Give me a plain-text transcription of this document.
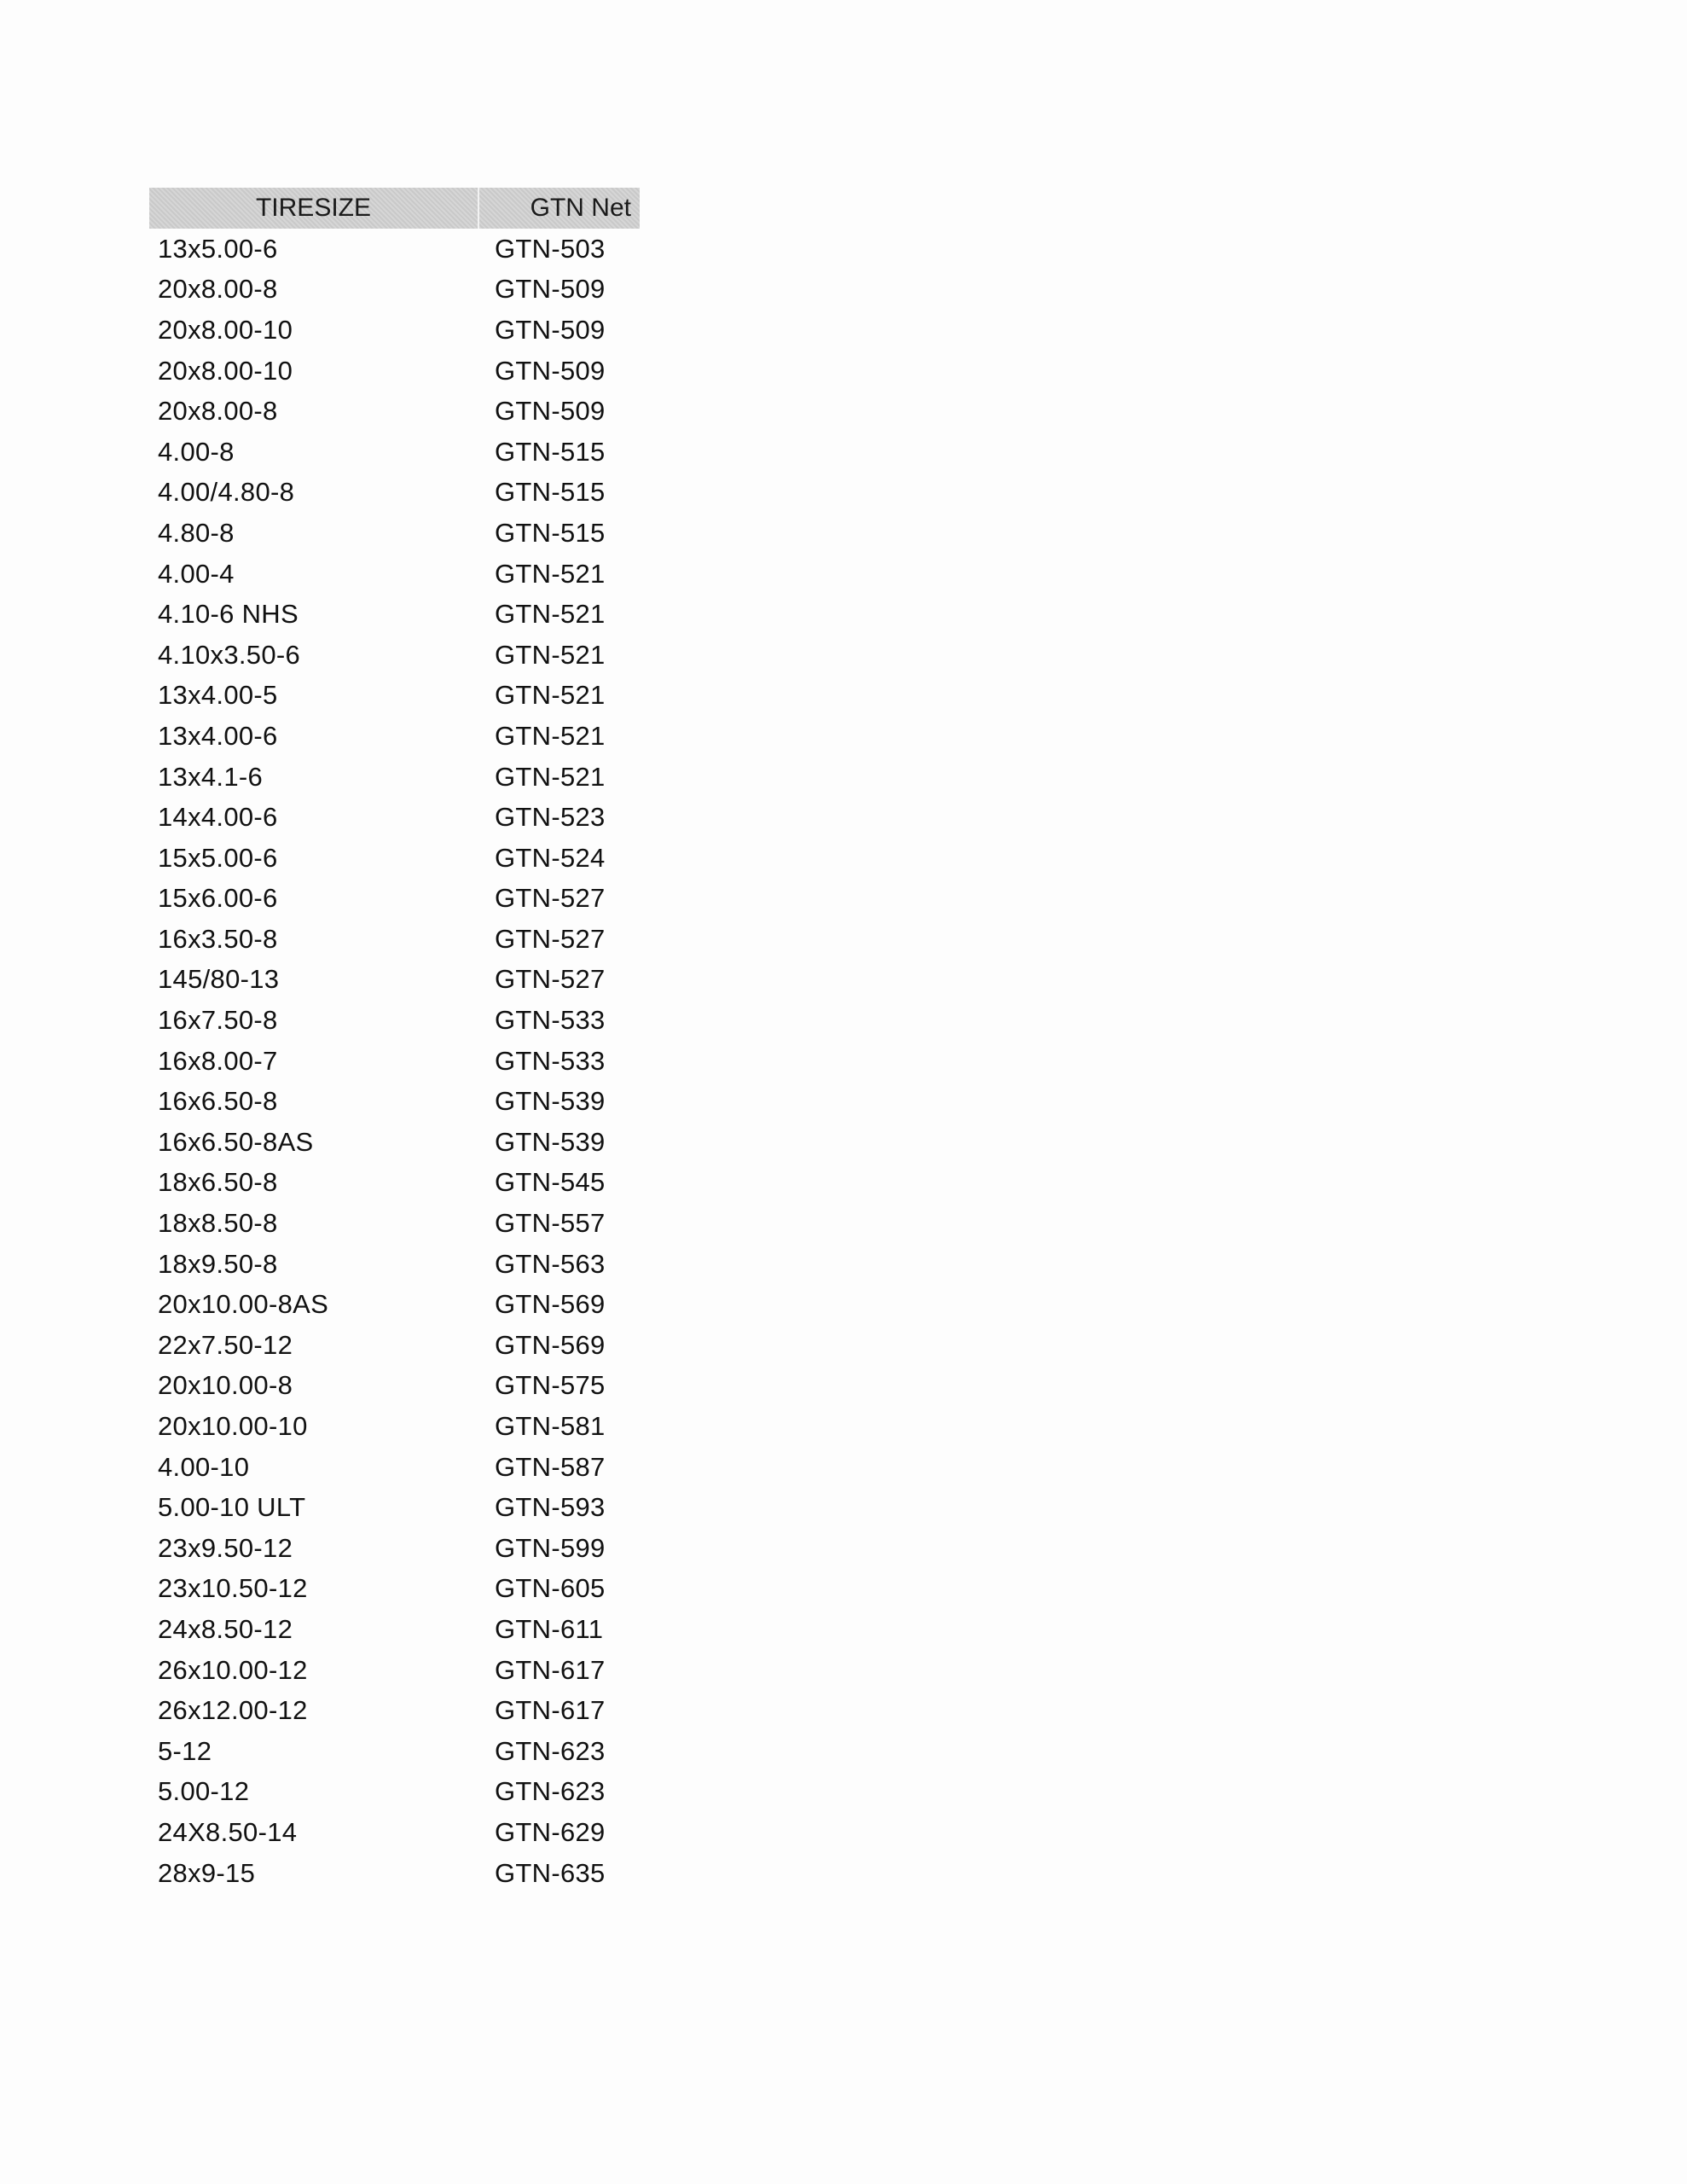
TIRESIZE	GTN Net
13x5.00-6	GTN-503
20x8.00-8	GTN-509
20x8.00-10	GTN-509
20x8.00-10	GTN-509
20x8.00-8	GTN-509
4.00-8	GTN-515
4.00/4.80-8	GTN-515
4.80-8	GTN-515
4.00-4	GTN-521
4.10-6 NHS	GTN-521
4.10x3.50-6	GTN-521
13x4.00-5	GTN-521
13x4.00-6	GTN-521
13x4.1-6	GTN-521
14x4.00-6	GTN-523
15x5.00-6	GTN-524
15x6.00-6	GTN-527
16x3.50-8	GTN-527
145/80-13	GTN-527
16x7.50-8	GTN-533
16x8.00-7	GTN-533
16x6.50-8	GTN-539
16x6.50-8AS	GTN-539
18x6.50-8	GTN-545
18x8.50-8	GTN-557
18x9.50-8	GTN-563
20x10.00-8AS	GTN-569
22x7.50-12	GTN-569
20x10.00-8	GTN-575
20x10.00-10	GTN-581
4.00-10	GTN-587
5.00-10 ULT	GTN-593
23x9.50-12	GTN-599
23x10.50-12	GTN-605
24x8.50-12	GTN-611
26x10.00-12	GTN-617
26x12.00-12	GTN-617
5-12	GTN-623
5.00-12	GTN-623
24X8.50-14	GTN-629
28x9-15	GTN-635
